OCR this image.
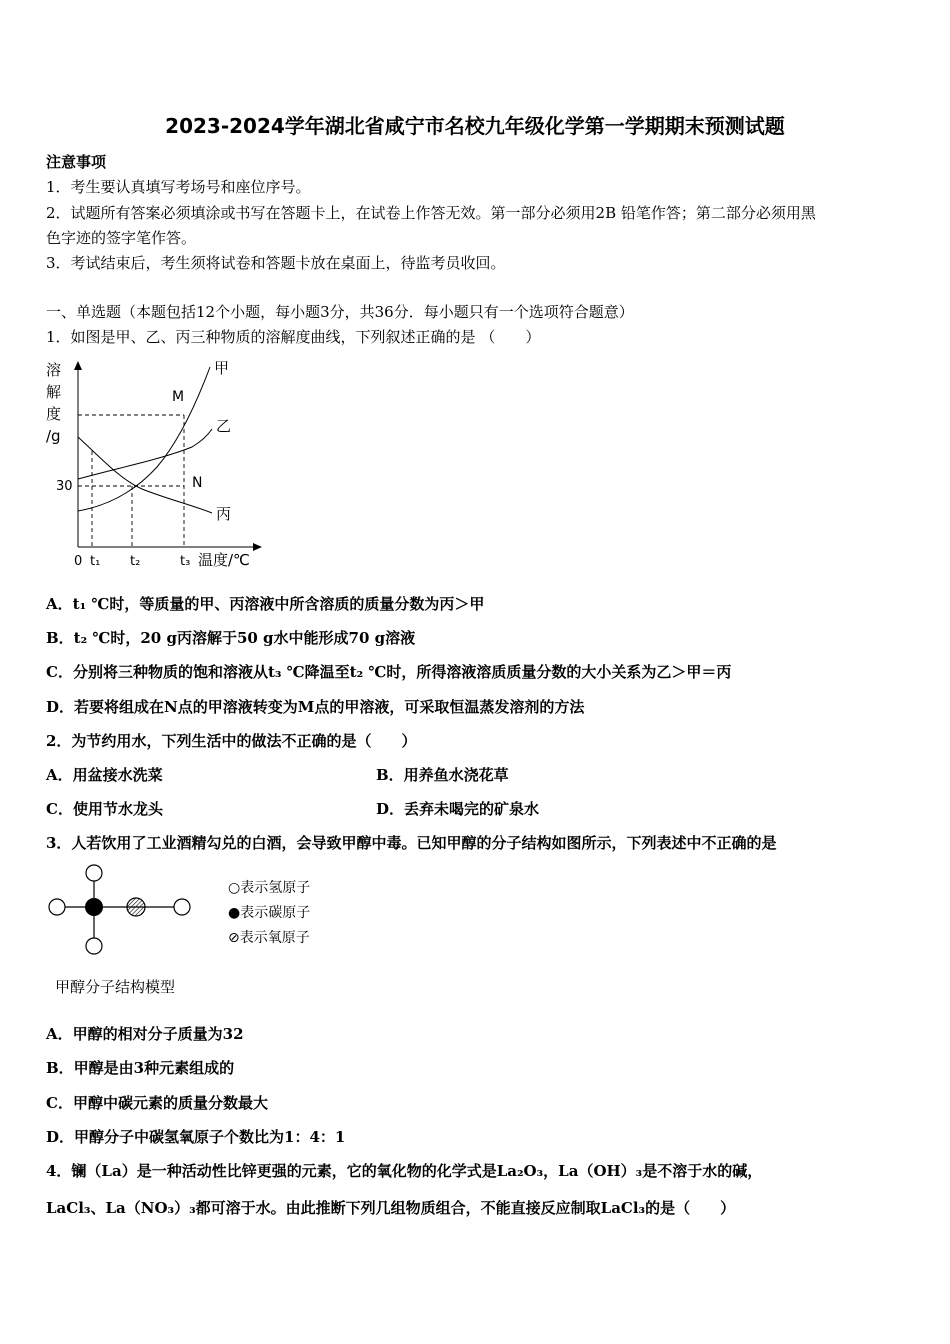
2023-2024学年湖北省咸宁市名校九年级化学第一学期期末预测试题
注意事项
1．考生要认真填写考场号和座位序号。
2．试题所有答案必须填涂或书写在答题卡上，在试卷上作答无效。第一部分必须用2B 铅笔作答；第二部分必须用黑
色字迹的签字笔作答。
3．考试结束后，考生须将试卷和答题卡放在桌面上，待监考员收回。
一、单选题（本题包括12个小题，每小题3分，共36分．每小题只有一个选项符合题意）
1．如图是甲、乙、丙三种物质的溶解度曲线，下列叙述正确的是 （　　）
溶
解
度
/g
甲
乙
丙
M
N
30
0 t₁ t₂	t₃ 温度/℃
A．t₁ ℃时，等质量的甲、丙溶液中所含溶质的质量分数为丙＞甲
B．t₂ ℃时，20 g丙溶解于50 g水中能形成70 g溶液
C．分别将三种物质的饱和溶液从t₃ ℃降温至t₂ ℃时，所得溶液溶质质量分数的大小关系为乙＞甲＝丙
D．若要将组成在N点的甲溶液转变为M点的甲溶液，可采取恒温蒸发溶剂的方法
2．为节约用水，下列生活中的做法不正确的是（　　）
A．用盆接水洗菜	B．用养鱼水浇花草
C．使用节水龙头	D．丢弃未喝完的矿泉水
3．人若饮用了工业酒精勾兑的白酒，会导致甲醇中毒。已知甲醇的分子结构如图所示，下列表述中不正确的是
○表示氢原子
●表示碳原子
⊘表示氧原子
甲醇分子结构模型
A．甲醇的相对分子质量为32
B．甲醇是由3种元素组成的
C．甲醇中碳元素的质量分数最大
D．甲醇分子中碳氢氧原子个数比为1：4：1
4．镧（La）是一种活动性比锌更强的元素，它的氧化物的化学式是La₂O₃，La（OH）₃是不溶于水的碱，
LaCl₃、La（NO₃）₃都可溶于水。由此推断下列几组物质组合，不能直接反应制取LaCl₃的是（　　）
